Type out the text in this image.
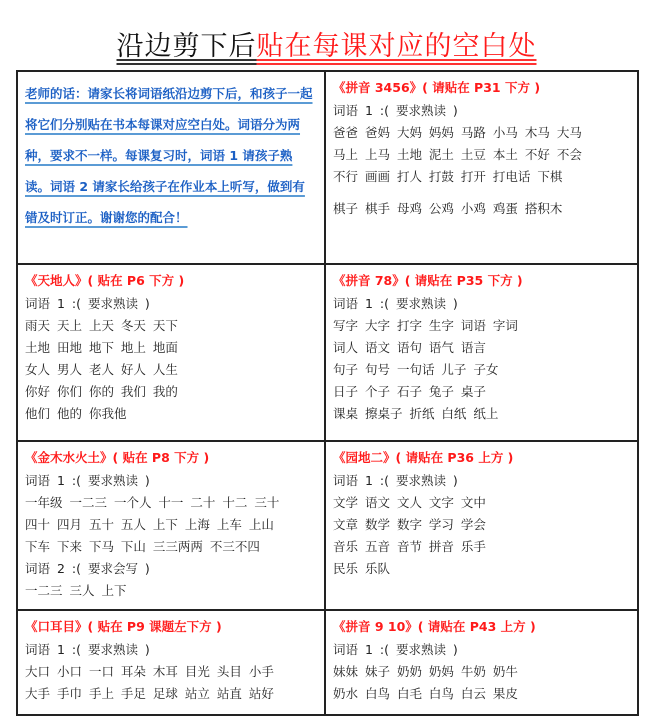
沿边剪下后贴在每课对应的空白处
老师的话：请家长将词语纸沿边剪下后，和孩子一起将它们分别贴在书本每课对应空白处。词语分为两种，要求不一样。每课复习时，词语 1 请孩子熟读。词语 2 请家长给孩子在作业本上听写，做到有错及时订正。谢谢您的配合！

《拼音 3456》( 请贴在 P31 下方 )
词语 1 :( 要求熟读 )
爸爸 爸妈 大妈 妈妈 马路 小马 木马 大马
马上 上马 土地 泥土 土豆 本土 不好 不会
不行 画画 打人 打鼓 打开 打电话 下棋
棋子 棋手 母鸡 公鸡 小鸡 鸡蛋 搭积木

《天地人》( 贴在 P6 下方 )
词语 1 :( 要求熟读 )
雨天 天上 上天 冬天 天下
土地 田地 地下 地上 地面
女人 男人 老人 好人 人生
你好 你们 你的 我们 我的
他们 他的 你我他

《拼音 78》( 请贴在 P35 下方 )
词语 1 :( 要求熟读 )
写字 大字 打字 生字 词语 字词
词人 语文 语句 语气 语言
句子 句号 一句话 儿子 子女
日子 个子 石子 兔子 桌子
课桌 擦桌子 折纸 白纸 纸上

《金木水火土》( 贴在 P8 下方 )
词语 1 :( 要求熟读 )
一年级 一二三 一个人 十一 二十 十二 三十
四十 四月 五十 五人 上下 上海 上车 上山
下车 下来 下马 下山 三三两两 不三不四
词语 2 :( 要求会写 )
一二三 三人 上下

《园地二》( 请贴在 P36 上方 )
词语 1 :( 要求熟读 )
文学 语文 文人 文字 文中
文章 数学 数字 学习 学会
音乐 五音 音节 拼音 乐手
民乐 乐队

《口耳目》( 贴在 P9 课题左下方 )
词语 1 :( 要求熟读 )
大口 小口 一口 耳朵 木耳 目光 头目 小手
大手 手巾 手上 手足 足球 站立 站直 站好

《拼音 9 10》( 请贴在 P43 上方 )
词语 1 :( 要求熟读 )
妹妹 妹子 奶奶 奶妈 牛奶 奶牛
奶水 白鸟 白毛 白鸟 白云 果皮
